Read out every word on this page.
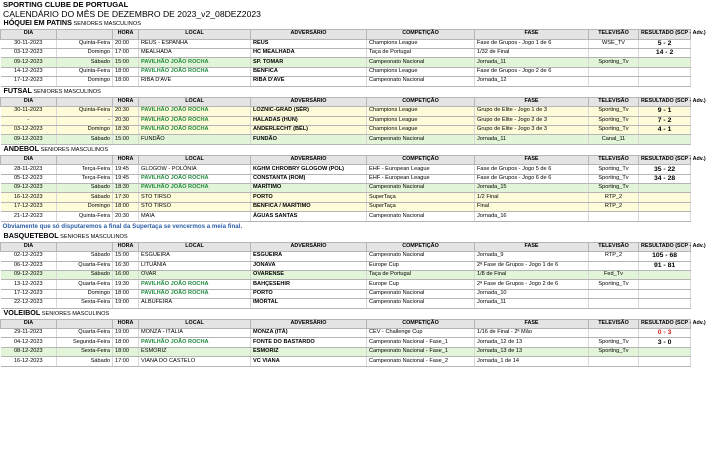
SPORTING CLUBE DE PORTUGAL
CALENDÁRIO DO MÊS DE DEZEMBRO DE 2023_v2_08DEZ2023
HÓQUEI EM PATINS SENIORES MASCULINOS								
DIA		HORA	LOCAL	ADVERSÁRIO	COMPETIÇÃO	FASE	TELEVISÃO	RESULTADO (SCP - Adv.)
30-11-2023	Quinta-Feira	20:00	REUS - ESPANHA	REUS	Champions League	Fase de Grupos - Jogo 1 de 6	WSE_TV	5 - 2
03-12-2023	Domingo	17:00	MEALHADA	HC MEALHADA	Taça de Portugal	1/32 de Final		14 - 2
09-12-2023	Sábado	15:00	PAVILHÃO JOÃO ROCHA	SP. TOMAR	Campeonato Nacional	Jornada_11	Sporting_Tv	
14-12-2023	Quinta-Feira	18:00	PAVILHÃO JOÃO ROCHA	BENFICA	Champions League	Fase de Grupos - Jogo 2 de 6		
17-12-2023	Domingo	18:00	RIBA D'AVE	RIBA D'AVE	Campeonato Nacional	Jornada_12		
FUTSAL SENIORES MASCULINOS								
DIA		HORA	LOCAL	ADVERSÁRIO	COMPETIÇÃO	FASE	TELEVISÃO	RESULTADO (SCP - Adv.)
30-11-2023	Quinta-Feira	20:30	PAVILHÃO JOÃO ROCHA	LOZNIC-GRAD (SÉR)	Champions League	Grupo de Elite - Jogo 1 de 3	Sporting_Tv	9 - 1
-	-	20:30	PAVILHÃO JOÃO ROCHA	HALADAS (HUN)	Champions League	Grupo de Elite - Jogo 2 de 3	Sporting_Tv	7 - 2
03-12-2023	Domingo	18:30	PAVILHÃO JOÃO ROCHA	ANDERLECHT (BÉL)	Champions League	Grupo de Elite - Jogo 3 de 3	Sporting_Tv	4 - 1
09-12-2023	Sábado	15:00	FUNDÃO	FUNDÃO	Campeonato Nacional	Jornada_11	Canal_11	
ANDEBOL SENIORES MASCULINOS								
DIA		HORA	LOCAL	ADVERSÁRIO	COMPETIÇÃO	FASE	TELEVISÃO	RESULTADO (SCP - Adv.)
28-11-2023	Terça-Feira	19:45	GLOGOW - POLÓNIA	KGHM CHROBRY GLOGOW (POL)	EHF - European League	Fase de Grupos - Jogo 5 de 6	Sporting_Tv	35 - 22
05-12-2023	Terça-Feira	19:45	PAVILHÃO JOÃO ROCHA	CONSTANTA (ROM)	EHF - European League	Fase de Grupos - Jogo 6 de 6	Sporting_Tv	34 - 28
09-12-2023	Sábado	18:30	PAVILHÃO JOÃO ROCHA	MARÍTIMO	Campeonato Nacional	Jornada_15	Sporting_Tv	
16-12-2023	Sábado	17:30	STO TIRSO	PORTO	SuperTaça	1/2 Final	RTP_2	
17-12-2023	Domingo	18:00	STO TIRSO	BENFICA / MARÍTIMO	SuperTaça	Final	RTP_2	
21-12-2023	Quinta-Feira	20:30	MAIA	ÁGUAS SANTAS	Campeonato Nacional	Jornada_16		
Obviamente que só disputaremos a final da Supertaça se vencermos a meia final.								
BASQUETEBOL SENIORES MASCULINOS								
DIA		HORA	LOCAL	ADVERSÁRIO	COMPETIÇÃO	FASE	TELEVISÃO	RESULTADO (SCP - Adv.)
02-12-2023	Sábado	15:00	ESGUEIRA	ESGUEIRA	Campeonato Nacional	Jornada_9	RTP_2	105 - 68
06-12-2023	Quarta-Feira	16:30	LITUÂNIA	JONAVA	Europe Cup	2ª Fase de Grupos - Jogo 1 de 6		91 - 81
09-12-2023	Sábado	16:00	OVAR	OVARENSE	Taça de Portugal	1/8 de Final	Fed_Tv	
13-12-2023	Quarta-Feira	19:30	PAVILHÃO JOÃO ROCHA	BAHÇESEHIR	Europe Cup	2ª Fase de Grupos - Jogo 2 de 6	Sporting_Tv	
17-12-2023	Domingo	18:00	PAVILHÃO JOÃO ROCHA	PORTO	Campeonato Nacional	Jornada_10		
22-12-2023	Sexta-Feira	19:00	ALBUFEIRA	IMORTAL	Campeonato Nacional	Jornada_11		
VOLEIBOL SENIORES MASCULINOS								
DIA		HORA	LOCAL	ADVERSÁRIO	COMPETIÇÃO	FASE	TELEVISÃO	RESULTADO (SCP - Adv.)
29-11-2023	Quarta-Feira	19:00	MONZA - ITÁLIA	MONZA (ITÁ)	CEV - Challenge Cup	1/16 de Final - 2ª Mão		0 - 3
04-12-2023	Segunda-Feira	18:00	PAVILHÃO JOÃO ROCHA	FONTE DO BASTARDO	Campeonato Nacional - Fase_1	Jornada_12 de 13	Sporting_Tv	3 - 0
08-12-2023	Sexta-Feira	18:00	ESMORIZ	ESMORIZ	Campeonato Nacional - Fase_1	Jornada_13 de 13	Sporting_Tv	
16-12-2023	Sábado	17:00	VIANA DO CASTELO	VC VIANA	Campeonato Nacional - Fase_2	Jornada_1 de 14		
